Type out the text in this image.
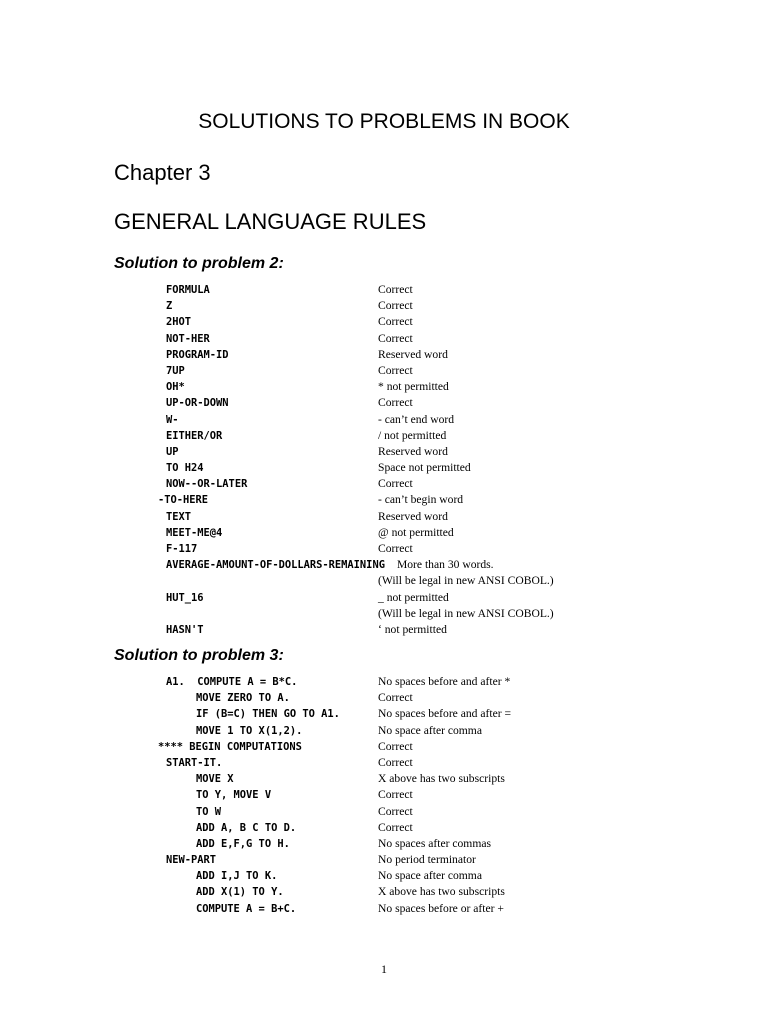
SOLUTIONS TO PROBLEMS IN BOOK
Chapter 3
GENERAL LANGUAGE RULES
Solution to problem 2:
FORMULA	Correct
Z	Correct
2HOT	Correct
NOT-HER	Correct
PROGRAM-ID	Reserved word
7UP	Correct
OH*	* not permitted
UP-OR-DOWN	Correct
W-	- can’t end word
EITHER/OR	/ not permitted
UP	Reserved word
TO H24	Space not permitted
NOW--OR-LATER	Correct
-TO-HERE	- can’t begin word
TEXT	Reserved word
MEET-ME@4	@ not permitted
F-117	Correct
AVERAGE-AMOUNT-OF-DOLLARS-REMAINING More than 30 words.
(Will be legal in new ANSI COBOL.)
HUT_16	_ not permitted
(Will be legal in new ANSI COBOL.)
HASN'T	‘ not permitted
Solution to problem 3:
A1.  COMPUTE A = B*C.	No spaces before and after *
MOVE ZERO TO A.	Correct
IF (B=C) THEN GO TO A1.	No spaces before and after =
MOVE 1 TO X(1,2).	No space after comma
**** BEGIN COMPUTATIONS	Correct
START-IT.	Correct
MOVE X	X above has two subscripts
TO Y, MOVE V	Correct
TO W	Correct
ADD A, B C TO D.	Correct
ADD E,F,G TO H.	No spaces after commas
NEW-PART	No period terminator
ADD I,J TO K.	No space after comma
ADD X(1) TO Y.	X above has two subscripts
COMPUTE A = B+C.	No spaces before or after +
1
